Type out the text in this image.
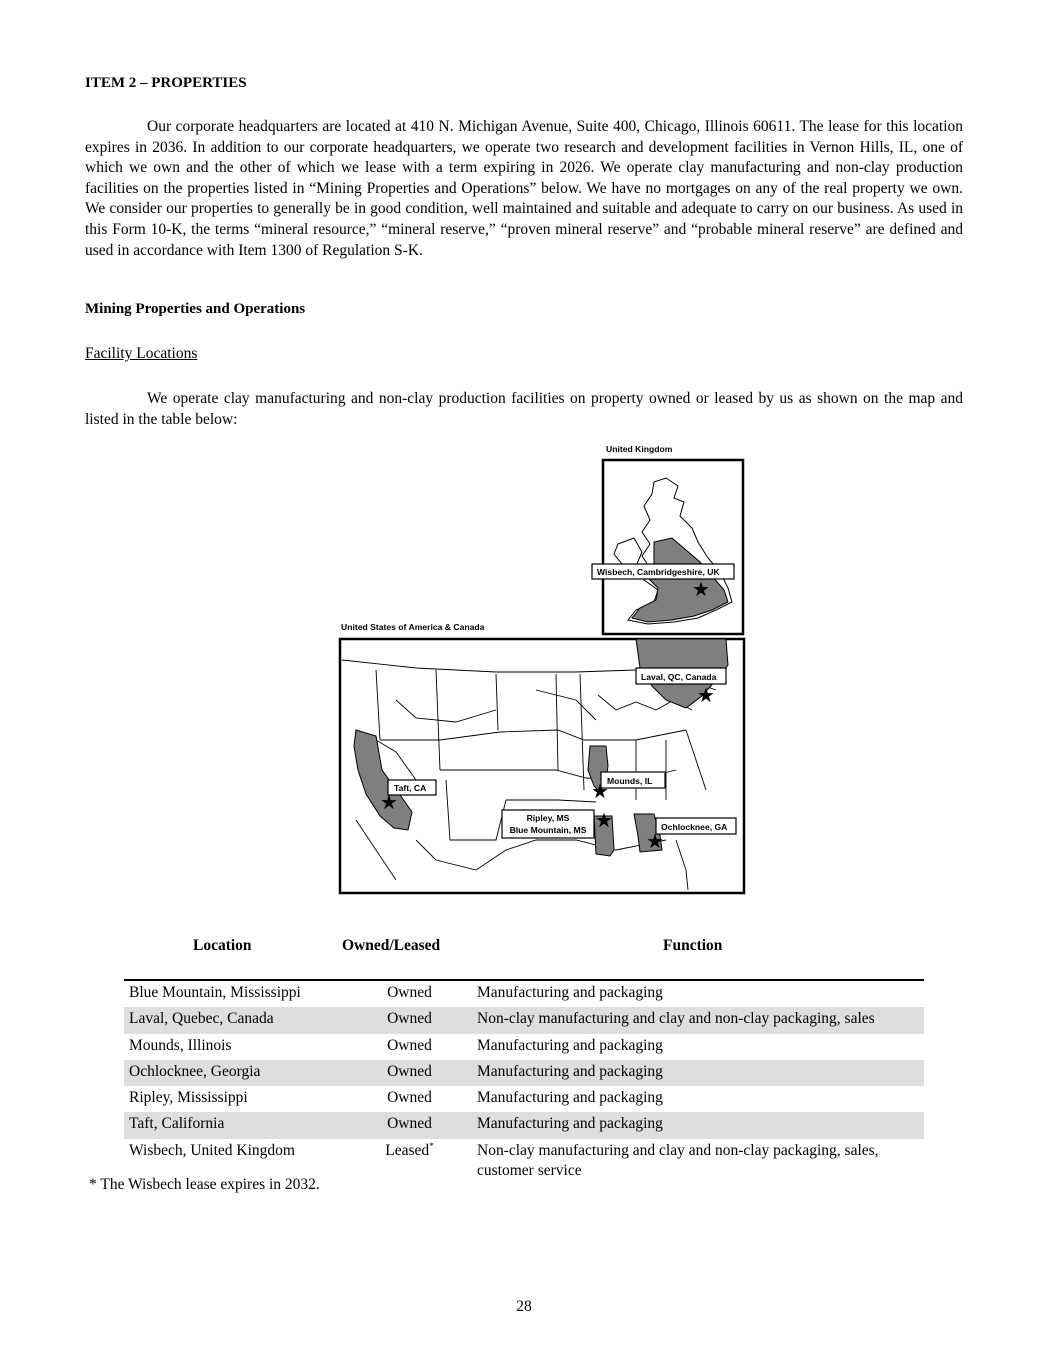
ITEM 2 – PROPERTIES

Our corporate headquarters are located at 410 N. Michigan Avenue, Suite 400, Chicago, Illinois 60611. The lease for this location expires in 2036. In addition to our corporate headquarters, we operate two research and development facilities in Vernon Hills, IL, one of which we own and the other of which we lease with a term expiring in 2026. We operate clay manufacturing and non-clay production facilities on the properties listed in “Mining Properties and Operations” below. We have no mortgages on any of the real property we own. We consider our properties to generally be in good condition, well maintained and suitable and adequate to carry on our business. As used in this Form 10-K, the terms “mineral resource,” “mineral reserve,” “proven mineral reserve” and “probable mineral reserve” are defined and used in accordance with Item 1300 of Regulation S-K.

Mining Properties and Operations
Facility Locations

We operate clay manufacturing and non-clay production facilities on property owned or leased by us as shown on the map and listed in the table below:

United Kingdom
Wisbech, Cambridgeshire, UK
★
United States of America & Canada
Laval, QC, Canada
★
Mounds, IL
★
Taft, CA
★
Ripley, MS
Blue Mountain, MS ★	Ochlocknee, GA
★
Location	Owned/Leased	Function
Blue Mountain, Mississippi	Owned	Manufacturing and packaging
Laval, Quebec, Canada	Owned	Non-clay manufacturing and clay and non-clay packaging, sales
Mounds, Illinois	Owned	Manufacturing and packaging
Ochlocknee, Georgia	Owned	Manufacturing and packaging
Ripley, Mississippi	Owned	Manufacturing and packaging
Taft, California	Owned	Manufacturing and packaging
Wisbech, United Kingdom	Leased*	Non-clay manufacturing and clay and non-clay packaging, sales, customer service
* The Wisbech lease expires in 2032.
28
